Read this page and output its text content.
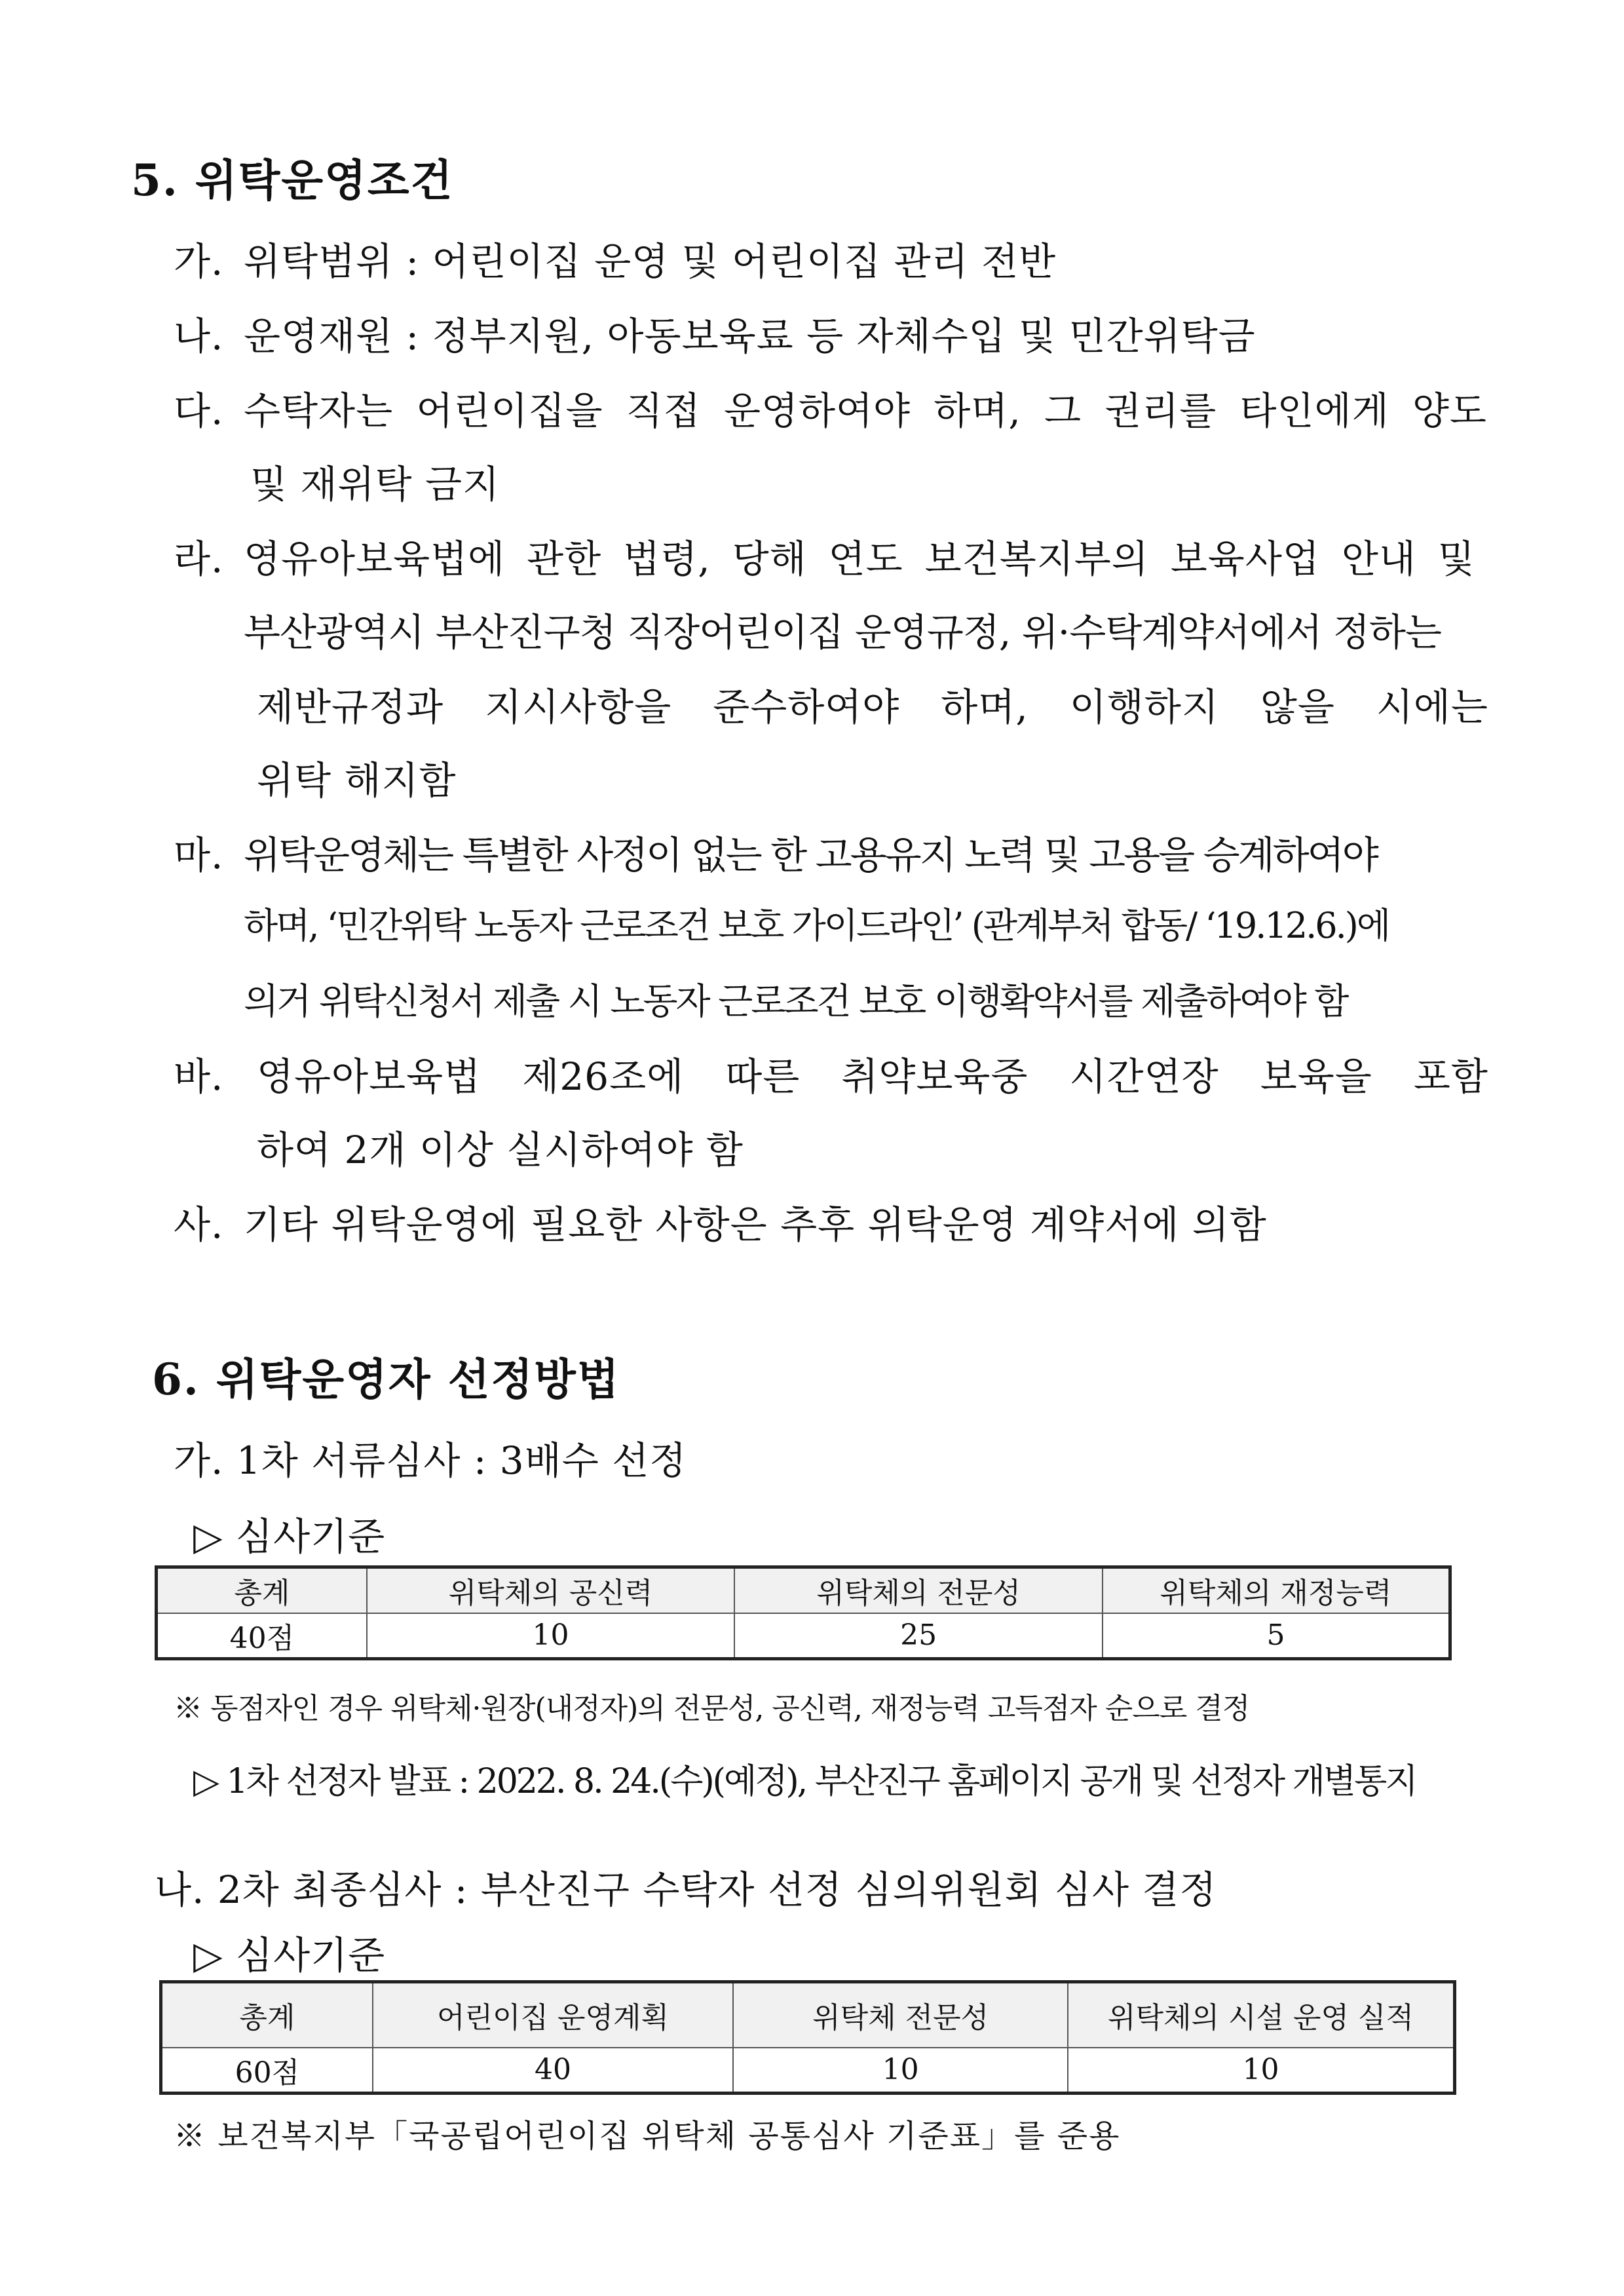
5. 위탁운영조건
가. 위탁범위 : 어린이집 운영 및 어린이집 관리 전반
나. 운영재원 : 정부지원, 아동보육료 등 자체수입 및 민간위탁금
다. 수탁자는 어린이집을 직접 운영하여야 하며, 그 권리를 타인에게 양도
및 재위탁 금지
라. 영유아보육법에 관한 법령, 당해 연도 보건복지부의 보육사업 안내 및
부산광역시 부산진구청 직장어린이집 운영규정, 위·수탁계약서에서 정하는
제반규정과 지시사항을 준수하여야 하며, 이행하지 않을 시에는
위탁 해지함
마. 위탁운영체는 특별한 사정이 없는 한 고용유지 노력 및 고용을 승계하여야
하며, ‘민간위탁 노동자 근로조건 보호 가이드라인’ (관계부처 합동/ ‘19.12.6.)에
의거 위탁신청서 제출 시 노동자 근로조건 보호 이행확약서를 제출하여야 함
바. 영유아보육법 제26조에 따른 취약보육중 시간연장 보육을 포함
하여 2개 이상 실시하여야 함
사. 기타 위탁운영에 필요한 사항은 추후 위탁운영 계약서에 의함
6. 위탁운영자 선정방법
가. 1차 서류심사 : 3배수 선정
▷ 심사기준
총계	위탁체의 공신력	위탁체의 전문성	위탁체의 재정능력
40점	10	25	5
※ 동점자인 경우 위탁체·원장(내정자)의 전문성, 공신력, 재정능력 고득점자 순으로 결정
▷ 1차 선정자 발표 : 2022. 8. 24.(수)(예정), 부산진구 홈페이지 공개 및 선정자 개별통지
나. 2차 최종심사 : 부산진구 수탁자 선정 심의위원회 심사 결정
▷ 심사기준
총계	어린이집 운영계획	위탁체 전문성	위탁체의 시설 운영 실적
60점	40	10	10
※ 보건복지부「국공립어린이집 위탁체 공통심사 기준표」를 준용
